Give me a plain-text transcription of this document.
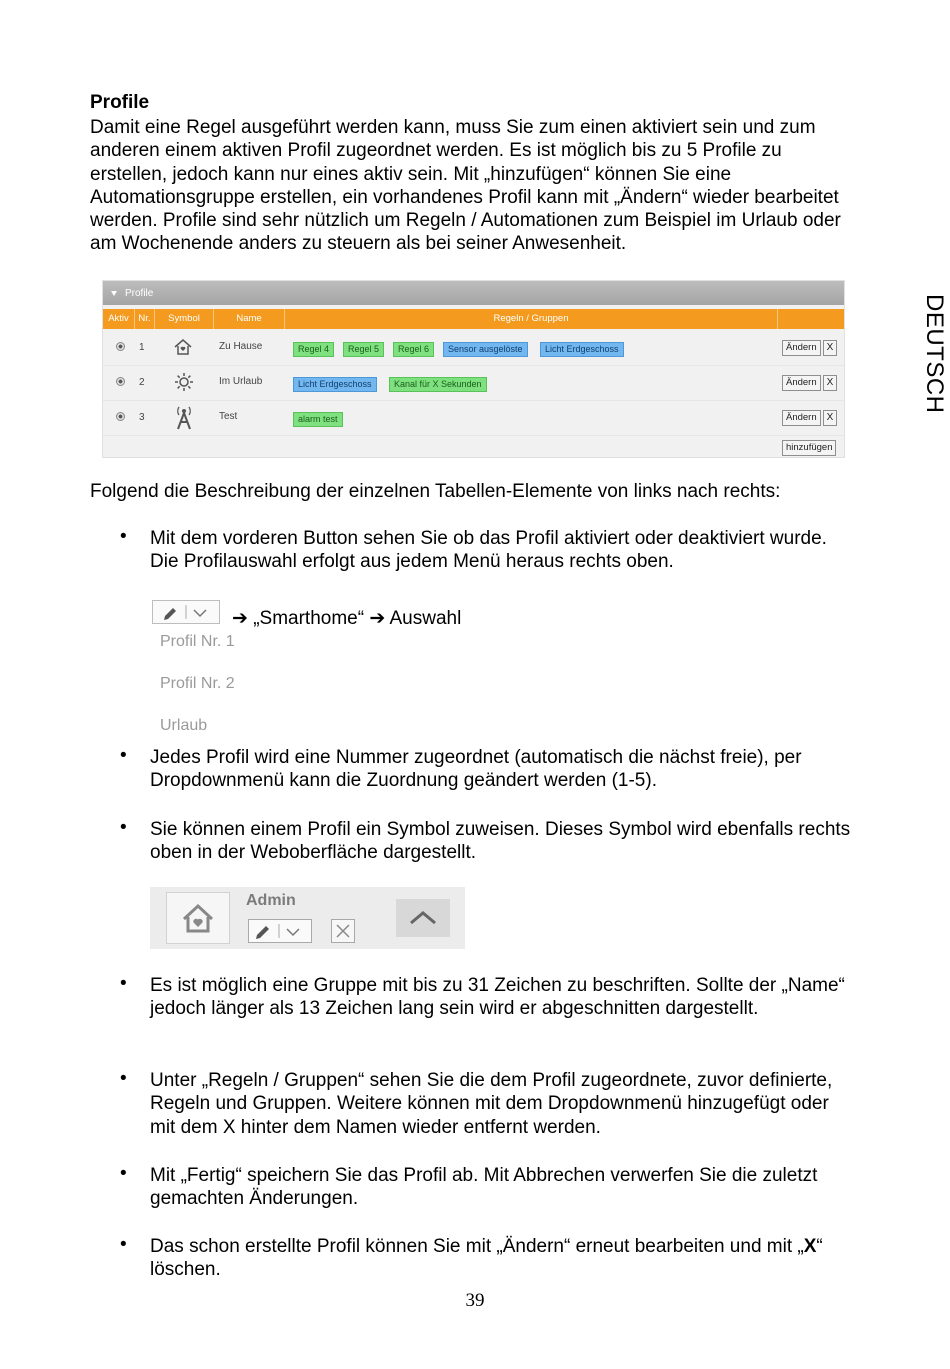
Profile
Damit eine Regel ausgeführt werden kann, muss Sie zum einen aktiviert sein und zum anderen einem aktiven Profil zugeordnet werden. Es ist möglich bis zu 5 Profile zu erstellen, jedoch kann nur eines aktiv sein. Mit „hinzufügen“ können Sie eine Automationsgruppe erstellen, ein vorhandenes Profil kann mit „Ändern“ wieder bearbeitet werden. Profile sind sehr nützlich um Regeln / Automationen zum Beispiel im Urlaub oder am Wochenende anders zu steuern als bei seiner Anwesenheit.
DEUTSCH
Profile
Aktiv	Nr.	Symbol	Name	Regeln / Gruppen
1	Zu Hause	Regel 4	Regel 5	Regel 6	Sensor ausgelöste	Licht Erdgeschoss	Ändern	X
2	Im Urlaub	Licht Erdgeschoss	Kanal für X Sekunden	Ändern	X
3	Test	alarm test	Ändern	X
hinzufügen
Folgend die Beschreibung der einzelnen Tabellen-Elemente von links nach rechts:
• Mit dem vorderen Button sehen Sie ob das Profil aktiviert oder deaktiviert wurde. Die Profilauswahl erfolgt aus jedem Menü heraus rechts oben.
➔ „Smarthome“ ➔ Auswahl
Profil Nr. 1
Profil Nr. 2
Urlaub
• Jedes Profil wird eine Nummer zugeordnet (automatisch die nächst freie), per Dropdownmenü kann die Zuordnung geändert werden (1-5).
• Sie können einem Profil ein Symbol zuweisen. Dieses Symbol wird ebenfalls rechts oben in der Weboberfläche dargestellt.
Admin
• Es ist möglich eine Gruppe mit bis zu 31 Zeichen zu beschriften. Sollte der „Name“ jedoch länger als 13 Zeichen lang sein wird er abgeschnitten dargestellt.
• Unter „Regeln / Gruppen“ sehen Sie die dem Profil zugeordnete, zuvor definierte, Regeln und Gruppen. Weitere können mit dem Dropdownmenü hinzugefügt oder mit dem X hinter dem Namen wieder entfernt werden.
• Mit „Fertig“ speichern Sie das Profil ab. Mit Abbrechen verwerfen Sie die zuletzt gemachten Änderungen.
• Das schon erstellte Profil können Sie mit „Ändern“ erneut bearbeiten und mit „X“ löschen.
39
